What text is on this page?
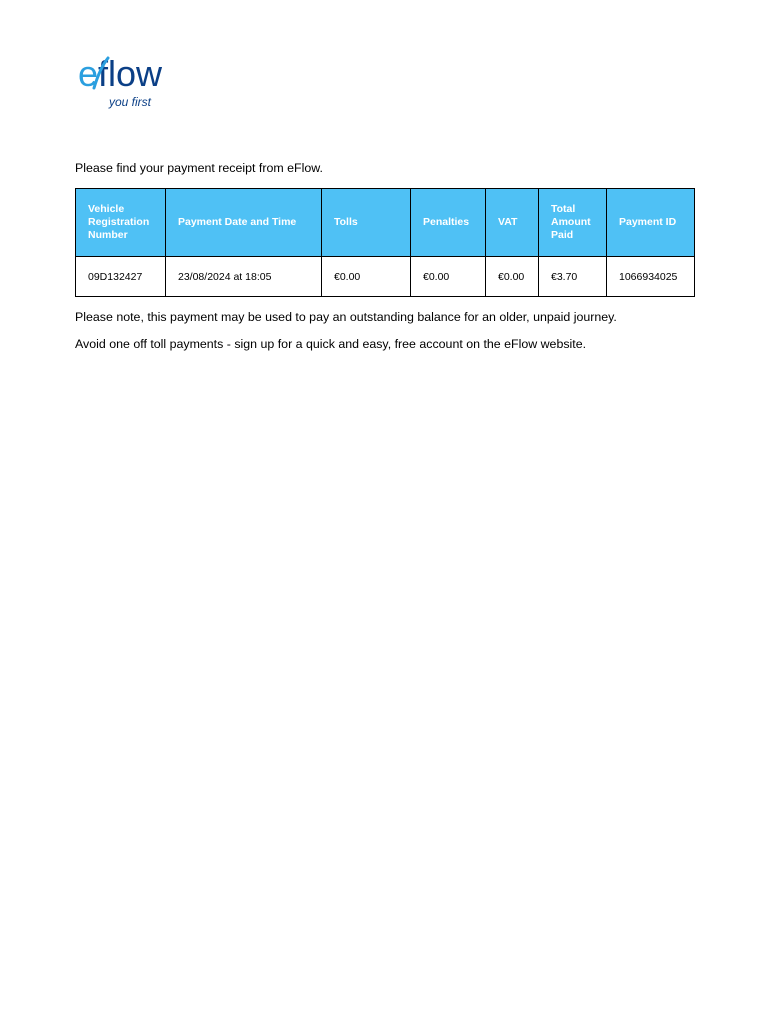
e flow
you first
Please find your payment receipt from eFlow.
Vehicle Registration Number	Payment Date and Time	Tolls	Penalties	VAT	Total Amount Paid	Payment ID
09D132427	23/08/2024 at 18:05	€0.00	€0.00	€0.00	€3.70	1066934025
Please note, this payment may be used to pay an outstanding balance for an older, unpaid journey.
Avoid one off toll payments - sign up for a quick and easy, free account on the eFlow website.
